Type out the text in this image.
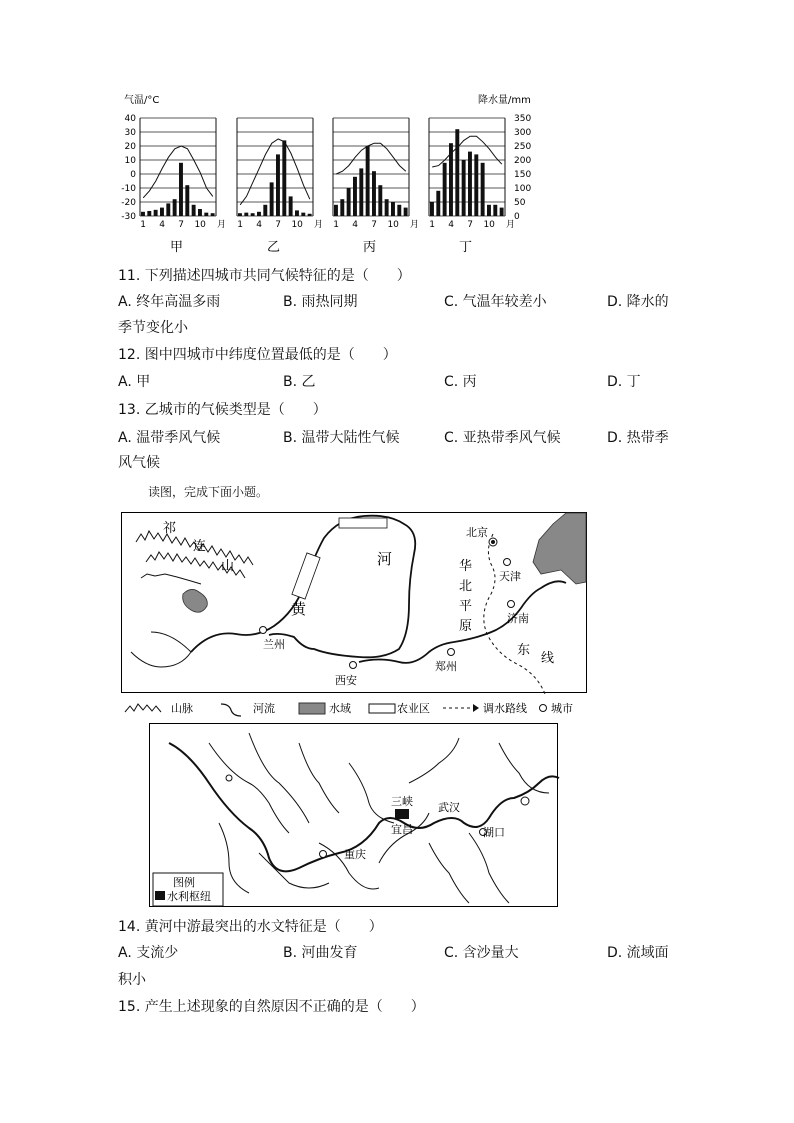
气温/°C	降水量/mm
40
30
20
10
0
-10
-20
-30
350
300
250
200
150
100
50
0
1 4 7 10 月
甲
1 4 7 10 月
乙
1 4 7 10 月
丙
1 4 7 10 月
丁
11. 下列描述四城市共同气候特征的是（　　）
A. 终年高温多雨	B. 雨热同期	C. 气温年较差小	D. 降水的
季节变化小
12. 图中四城市中纬度位置最低的是（　　）
A. 甲	B. 乙	C. 丙	D. 丁
13. 乙城市的气候类型是（　　）
A. 温带季风气候	B. 温带大陆性气候	C. 亚热带季风气候	D. 热带季
风气候
读图，完成下面小题。
祁
连
山
黄
河	华
北
平
原
东
线
北京
天津
济南
兰州
西安
郑州
山脉	河流	水域	农业区	调水路线 城市
三峡
宜昌
武汉
湖口
重庆
图例
水利枢纽
14. 黄河中游最突出的水文特征是（　　）
A. 支流少	B. 河曲发育	C. 含沙量大	D. 流域面
积小
15. 产生上述现象的自然原因不正确的是（　　）
